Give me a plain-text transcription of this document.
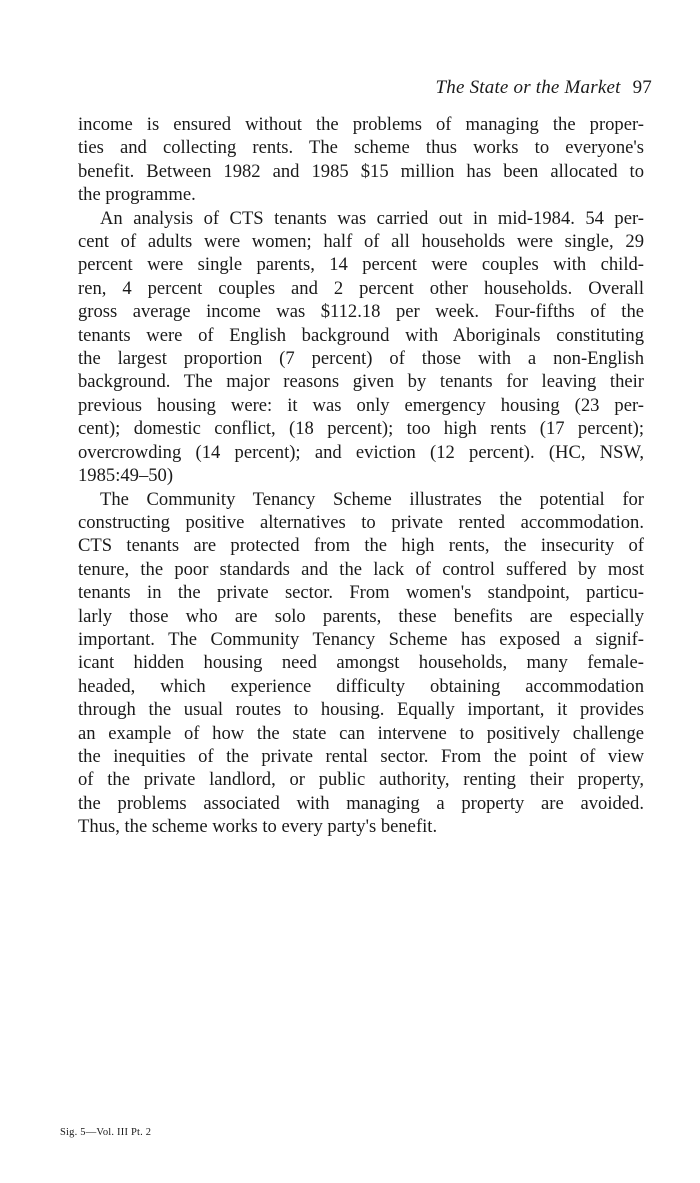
The State or the Market 97

income is ensured without the problems of managing the proper-
ties and collecting rents. The scheme thus works to everyone's
benefit. Between 1982 and 1985 $15 million has been allocated to
the programme.

An analysis of CTS tenants was carried out in mid-1984. 54 per-
cent of adults were women; half of all households were single, 29
percent were single parents, 14 percent were couples with child-
ren, 4 percent couples and 2 percent other households. Overall
gross average income was $112.18 per week. Four-fifths of the
tenants were of English background with Aboriginals constituting
the largest proportion (7 percent) of those with a non-English
background. The major reasons given by tenants for leaving their
previous housing were: it was only emergency housing (23 per-
cent); domestic conflict, (18 percent); too high rents (17 percent);
overcrowding (14 percent); and eviction (12 percent). (HC, NSW,
1985:49–50)

The Community Tenancy Scheme illustrates the potential for
constructing positive alternatives to private rented accommodation.
CTS tenants are protected from the high rents, the insecurity of
tenure, the poor standards and the lack of control suffered by most
tenants in the private sector. From women's standpoint, particu-
larly those who are solo parents, these benefits are especially
important. The Community Tenancy Scheme has exposed a signif-
icant hidden housing need amongst households, many female-
headed, which experience difficulty obtaining accommodation
through the usual routes to housing. Equally important, it provides
an example of how the state can intervene to positively challenge
the inequities of the private rental sector. From the point of view
of the private landlord, or public authority, renting their property,
the problems associated with managing a property are avoided.
Thus, the scheme works to every party's benefit.

Sig. 5—Vol. III Pt. 2
